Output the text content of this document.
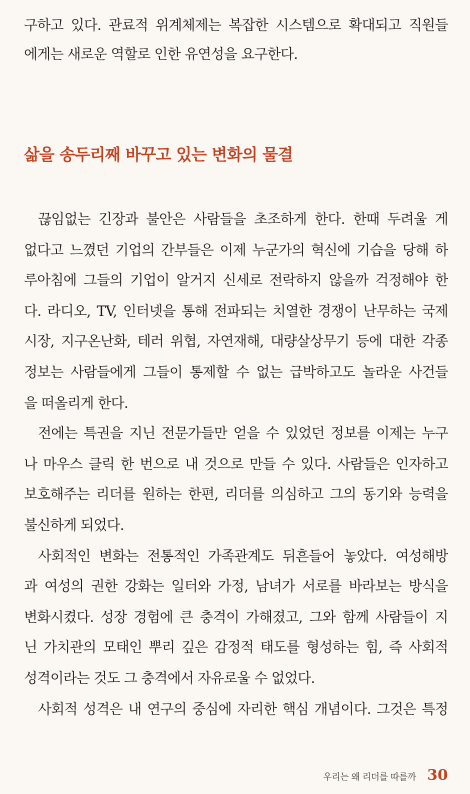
구하고 있다. 관료적 위계체제는 복잡한 시스템으로 확대되고 직원들
에게는 새로운 역할로 인한 유연성을 요구한다.
삶을 송두리째 바꾸고 있는 변화의 물결
끊임없는 긴장과 불안은 사람들을 초조하게 한다. 한때 두려울 게
없다고 느꼈던 기업의 간부들은 이제 누군가의 혁신에 기습을 당해 하
루아침에 그들의 기업이 알거지 신세로 전락하지 않을까 걱정해야 한
다. 라디오, TV, 인터넷을 통해 전파되는 치열한 경쟁이 난무하는 국제
시장, 지구온난화, 테러 위협, 자연재해, 대량살상무기 등에 대한 각종
정보는 사람들에게 그들이 통제할 수 없는 급박하고도 놀라운 사건들
을 떠올리게 한다.
전에는 특권을 지닌 전문가들만 얻을 수 있었던 정보를 이제는 누구
나 마우스 클릭 한 번으로 내 것으로 만들 수 있다. 사람들은 인자하고
보호해주는 리더를 원하는 한편, 리더를 의심하고 그의 동기와 능력을
불신하게 되었다.
사회적인 변화는 전통적인 가족관계도 뒤흔들어 놓았다. 여성해방
과 여성의 권한 강화는 일터와 가정, 남녀가 서로를 바라보는 방식을
변화시켰다. 성장 경험에 큰 충격이 가해졌고, 그와 함께 사람들이 지
닌 가치관의 모태인 뿌리 깊은 감정적 태도를 형성하는 힘, 즉 사회적
성격이라는 것도 그 충격에서 자유로울 수 없었다.
사회적 성격은 내 연구의 중심에 자리한 핵심 개념이다. 그것은 특정
우리는 왜 리더를 따를까 30
